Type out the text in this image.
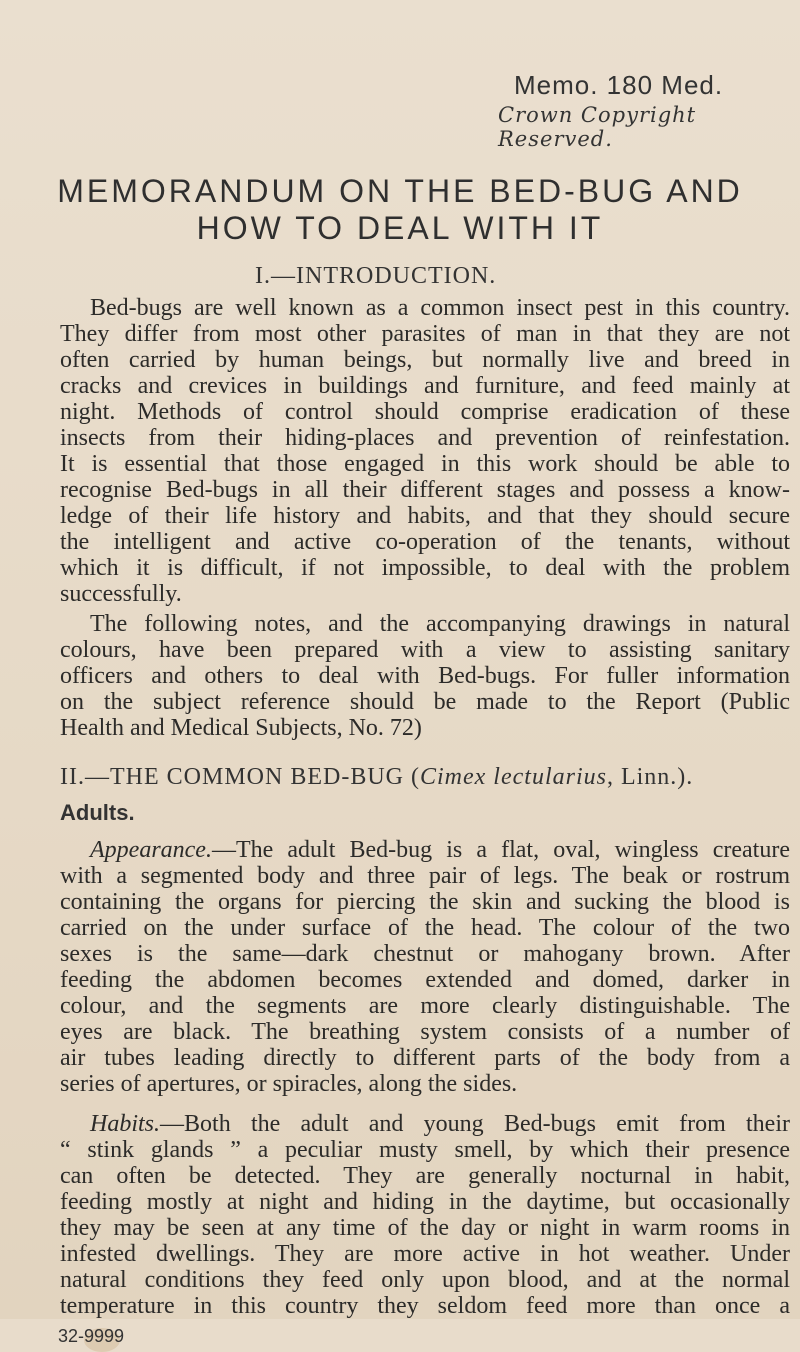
Memo. 180 Med.
Crown Copyright Reserved.
MEMORANDUM ON THE BED-BUG AND
HOW TO DEAL WITH IT
I.—INTRODUCTION.
Bed-bugs are well known as a common insect pest in this country.
They differ from most other parasites of man in that they are not
often carried by human beings, but normally live and breed in
cracks and crevices in buildings and furniture, and feed mainly at
night. Methods of control should comprise eradication of these
insects from their hiding-places and prevention of reinfestation.
It is essential that those engaged in this work should be able to
recognise Bed-bugs in all their different stages and possess a know-
ledge of their life history and habits, and that they should secure
the intelligent and active co-operation of the tenants, without
which it is difficult, if not impossible, to deal with the problem
successfully.
II.—THE COMMON BED-BUG (Cimex lectularius, Linn.).
Adults.
Appearance.—The adult Bed-bug is a flat, oval, wingless creature
with a segmented body and three pair of legs. The beak or rostrum
containing the organs for piercing the skin and sucking the blood is
carried on the under surface of the head. The colour of the two
sexes is the same—dark chestnut or mahogany brown. After
feeding the abdomen becomes extended and domed, darker in
colour, and the segments are more clearly distinguishable. The
eyes are black. The breathing system consists of a number of
air tubes leading directly to different parts of the body from a
series of apertures, or spiracles, along the sides.
Habits.—Both the adult and young Bed-bugs emit from their
“ stink glands ” a peculiar musty smell, by which their presence
can often be detected. They are generally nocturnal in habit,
feeding mostly at night and hiding in the daytime, but occasionally
they may be seen at any time of the day or night in warm rooms in
infested dwellings. They are more active in hot weather. Under
natural conditions they feed only upon blood, and at the normal
temperature in this country they seldom feed more than once a
32-9999
The following notes, and the accompanying drawings in natural
colours, have been prepared with a view to assisting sanitary
officers and others to deal with Bed-bugs. For fuller information
on the subject reference should be made to the Report (Public
Health and Medical Subjects, No. 72)
